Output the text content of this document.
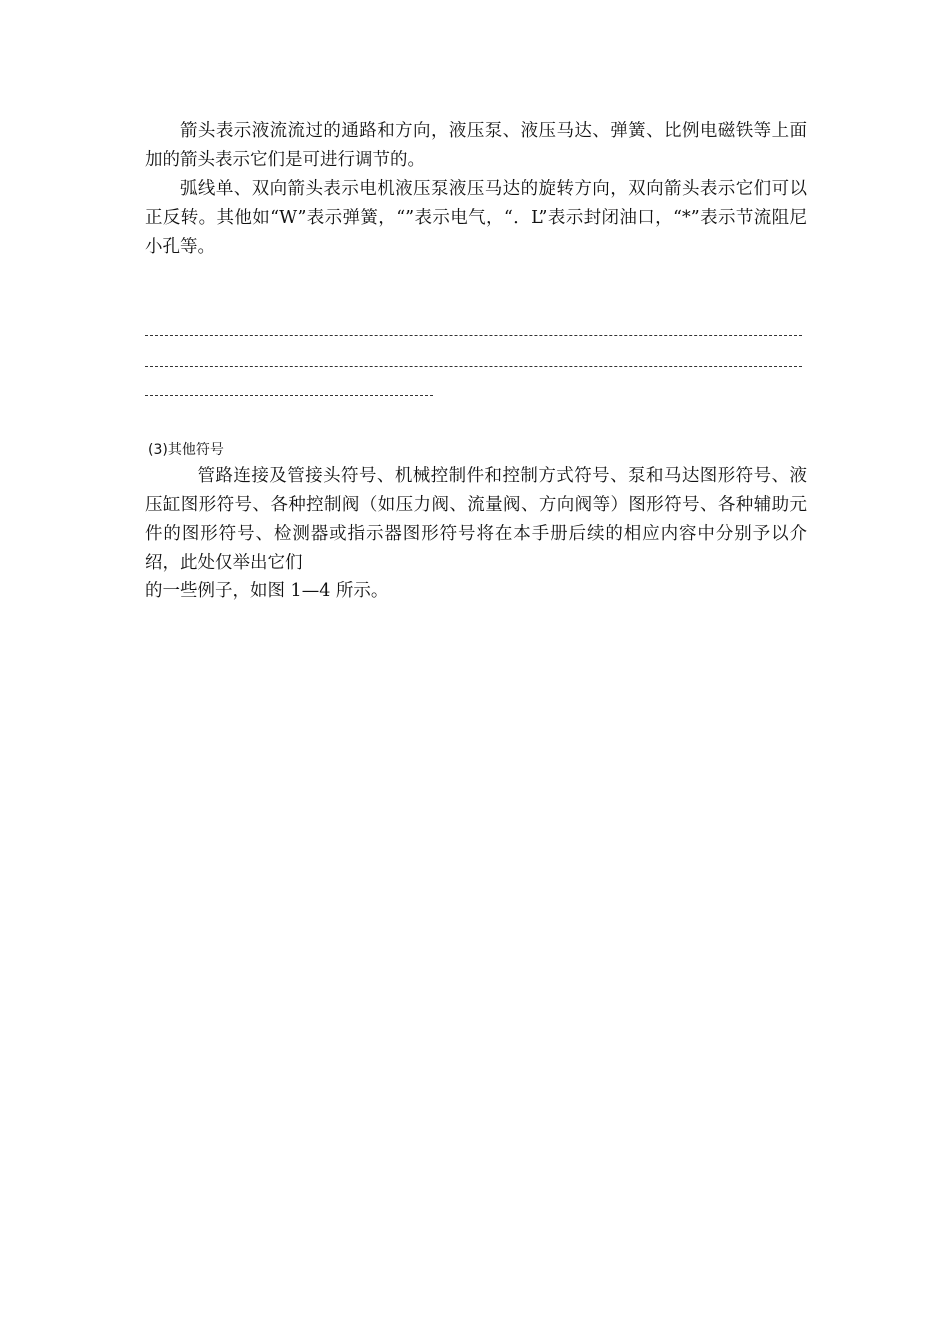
箭头表示液流流过的通路和方向，液压泵、液压马达、弹簧、比例电磁铁等上面加的箭头表示它们是可进行调节的。

弧线单、双向箭头表示电机液压泵液压马达的旋转方向，双向箭头表示它们可以正反转。其他如“W”表示弹簧，“”表示电气，“．L”表示封闭油口，“*”表示节流阻尼小孔等。

(3)其他符号

管路连接及管接头符号、机械控制件和控制方式符号、泵和马达图形符号、液压缸图形符号、各种控制阀（如压力阀、流量阀、方向阀等）图形符号、各种辅助元件的图形符号、检测器或指示器图形符号将在本手册后续的相应内容中分别予以介绍，此处仅举出它们

的一些例子，如图 1—4 所示。
